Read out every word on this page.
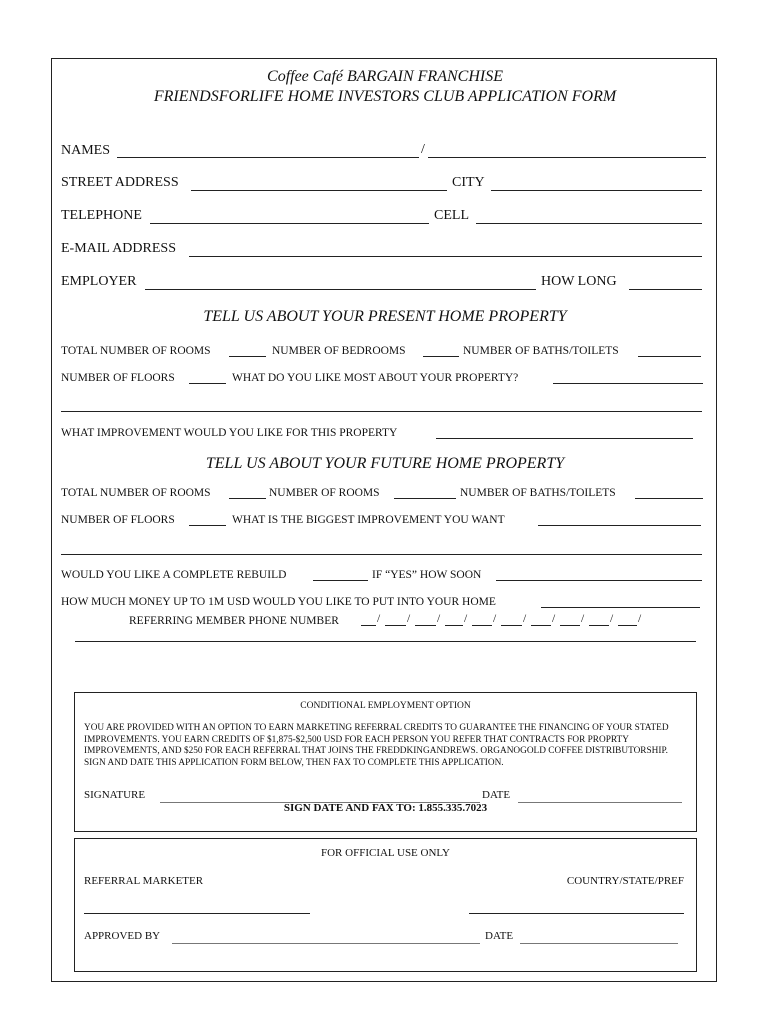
Coffee Café BARGAIN FRANCHISE
FRIENDSFORLIFE HOME INVESTORS CLUB APPLICATION FORM
NAMES	/
STREET ADDRESS	CITY
TELEPHONE	CELL
E-MAIL ADDRESS
EMPLOYER	HOW LONG
TELL US ABOUT YOUR PRESENT HOME PROPERTY
TOTAL NUMBER OF ROOMS	NUMBER OF BEDROOMS	NUMBER OF BATHS/TOILETS
NUMBER OF FLOORS	WHAT DO YOU LIKE MOST ABOUT YOUR PROPERTY?
WHAT IMPROVEMENT WOULD YOU LIKE FOR THIS PROPERTY
TELL US ABOUT YOUR FUTURE HOME PROPERTY
TOTAL NUMBER OF ROOMS	NUMBER OF ROOMS	NUMBER OF BATHS/TOILETS
NUMBER OF FLOORS	WHAT IS THE BIGGEST IMPROVEMENT YOU WANT
WOULD YOU LIKE A COMPLETE REBUILD	IF “YES” HOW SOON
HOW MUCH MONEY UP TO 1M USD WOULD YOU LIKE TO PUT INTO YOUR HOME
REFERRING MEMBER PHONE NUMBER	/ / / / / / / / / /
CONDITIONAL EMPLOYMENT OPTION
YOU ARE PROVIDED WITH AN OPTION TO EARN MARKETING REFERRAL CREDITS TO GUARANTEE THE FINANCING OF YOUR STATED IMPROVEMENTS. YOU EARN CREDITS OF $1,875-$2,500 USD FOR EACH PERSON YOU REFER THAT CONTRACTS FOR PROPRTY IMPROVEMENTS, AND $250 FOR EACH REFERRAL THAT JOINS THE FREDDKINGANDREWS. ORGANOGOLD COFFEE DISTRIBUTORSHIP. SIGN AND DATE THIS APPLICATION FORM BELOW, THEN FAX TO COMPLETE THIS APPLICATION.
SIGNATURE	DATE
SIGN DATE AND FAX TO: 1.855.335.7023
FOR OFFICIAL USE ONLY
REFERRAL MARKETER	COUNTRY/STATE/PREF
APPROVED BY	DATE
